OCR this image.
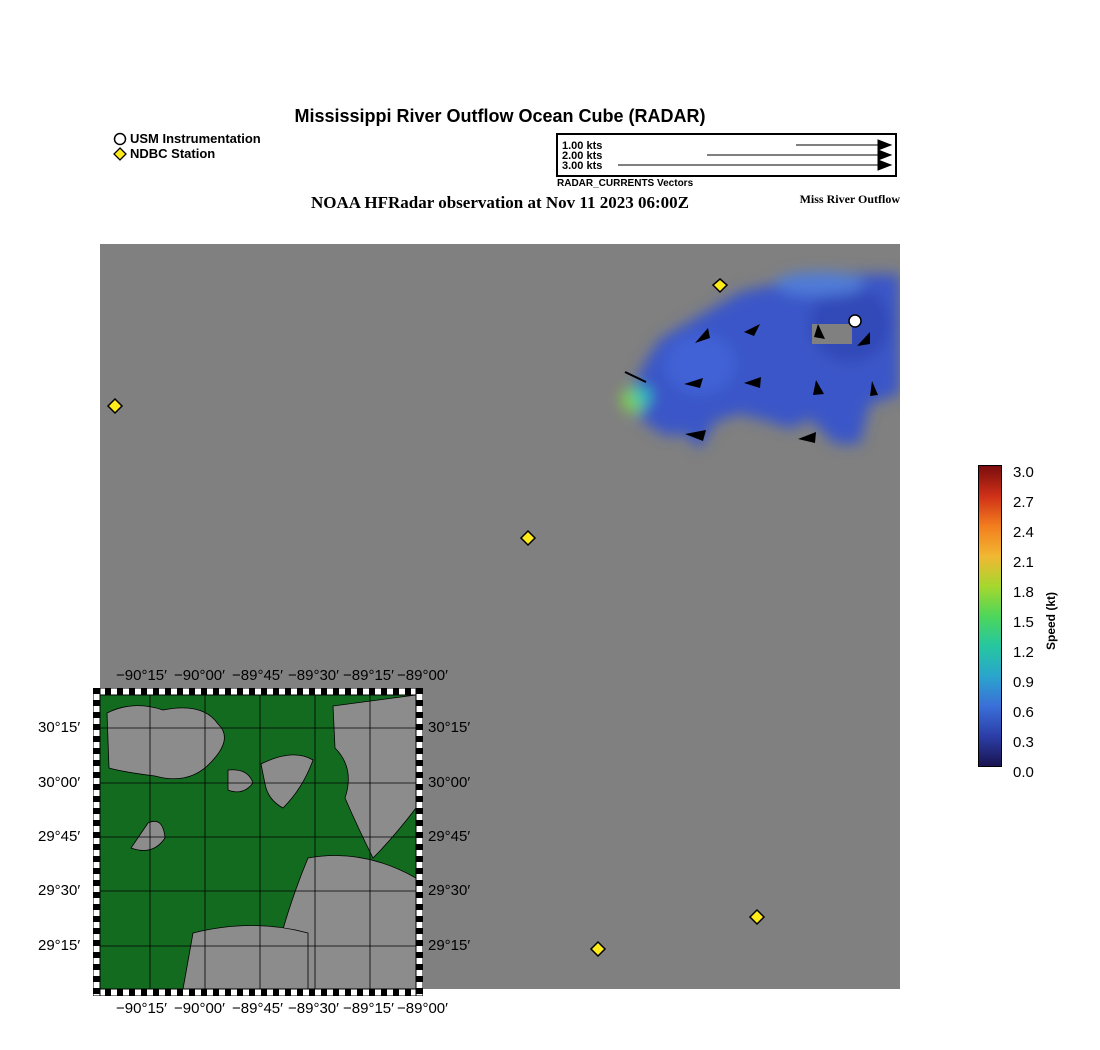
Mississippi River Outflow Ocean Cube (RADAR)
NOAA HFRadar observation at Nov 11 2023 06:00Z	Miss River Outflow
USM Instrumentation
NDBC Station	1.00 kts
2.00 kts
3.00 kts
RADAR_CURRENTS Vectors
−90°15′ −90°00′ −89°45′ −89°30′ −89°15′ −89°00′
−90°15′ −90°00′ −89°45′ −89°30′ −89°15′ −89°00′
30°15′
30°00′
29°45′
29°30′
29°15′
30°15′
30°00′
29°45′
29°30′
29°15′
3.0
2.7
2.4
2.1
1.8
1.5
1.2
0.9
0.6
0.3
0.0
Speed (kt)
